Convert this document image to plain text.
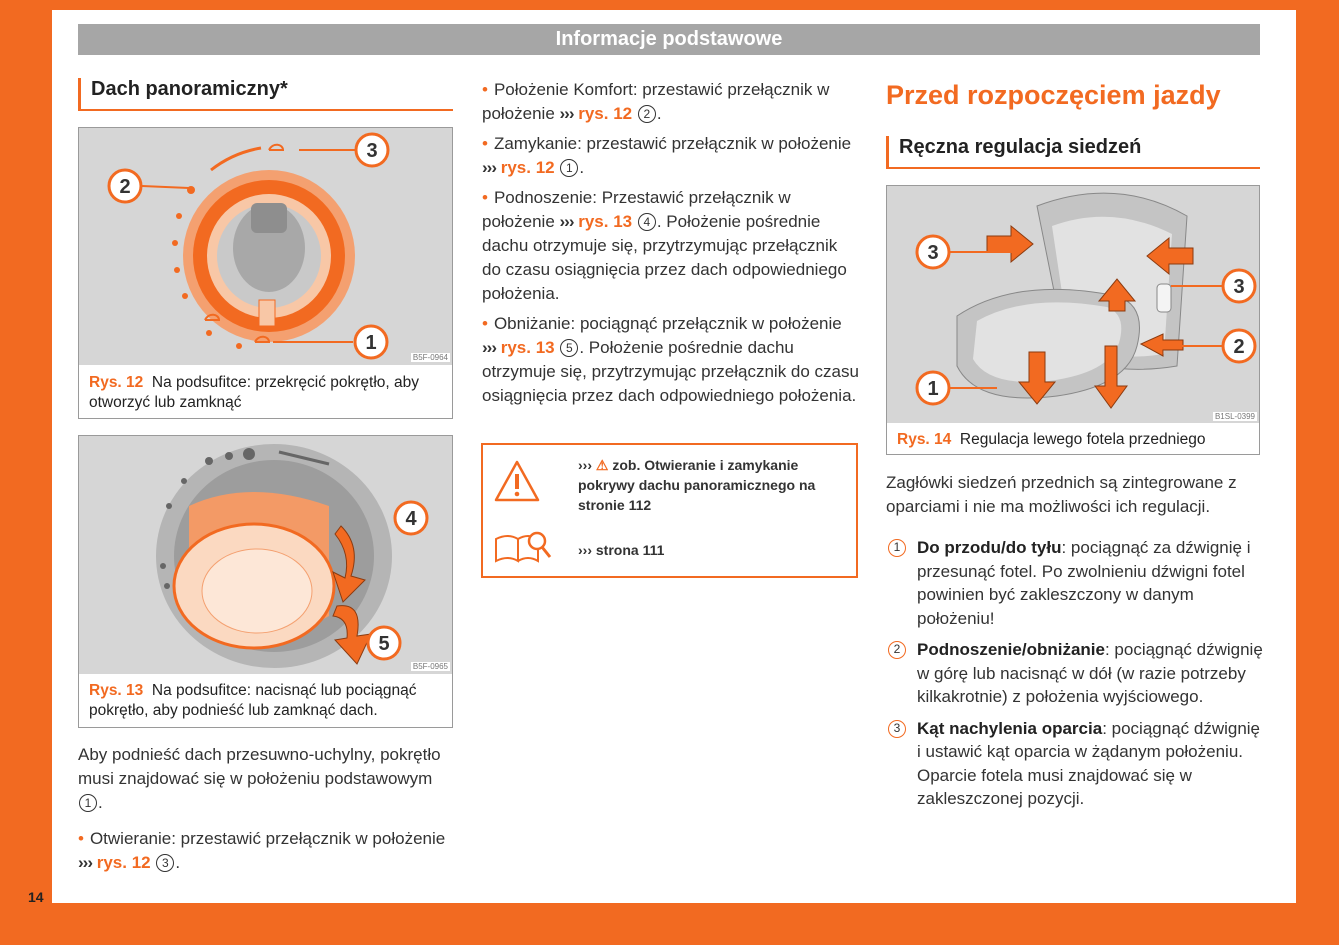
Informacje podstawowe
14
Dach panoramiczny*
3
2
1
B5F-0964
Rys. 12 Na podsufitce: przekręcić pokrętło, aby otworzyć lub zamknąć
4
5
B5F-0965
Rys. 13 Na podsufitce: nacisnąć lub pociągnąć pokrętło, aby podnieść lub zamknąć dach.

Aby podnieść dach przesuwno-uchylny, pokrętło musi znajdować się w położeniu podstawowym 1 .

• Otwieranie: przestawić przełącznik w położenie ››› rys. 12 3 .

• Położenie Komfort: przestawić przełącznik w położenie ››› rys. 12 2 .

• Zamykanie: przestawić przełącznik w położenie ››› rys. 12 1 .

• Podnoszenie: Przestawić przełącznik w położenie ››› rys. 13 4 . Położenie pośrednie dachu otrzymuje się, przytrzymując przełącznik do czasu osiągnięcia przez dach odpowiedniego położenia.

• Obniżanie: pociągnąć przełącznik w położenie ››› rys. 13 5 . Położenie pośrednie dachu otrzymuje się, przytrzymując przełącznik do czasu osiągnięcia przez dach odpowiedniego położenia.

››› ⚠ zob. Otwieranie i zamykanie pokrywy dachu panoramicznego na stronie 112
››› strona 111
Przed rozpoczęciem jazdy
Ręczna regulacja siedzeń
3
3
2
1
B1SL-0399
Rys. 14 Regulacja lewego fotela przedniego
Zagłówki siedzeń przednich są zintegrowane z oparciami i nie ma możliwości ich regulacji.
1 Do przodu/do tyłu: pociągnąć za dźwignię i przesunąć fotel. Po zwolnieniu dźwigni fotel powinien być zakleszczony w danym położeniu!
2 Podnoszenie/obniżanie: pociągnąć dźwignię w górę lub nacisnąć w dół (w razie potrzeby kilkakrotnie) z położenia wyjściowego.
3 Kąt nachylenia oparcia: pociągnąć dźwignię i ustawić kąt oparcia w żądanym położeniu. Oparcie fotela musi znajdować się w zakleszczonej pozycji.
